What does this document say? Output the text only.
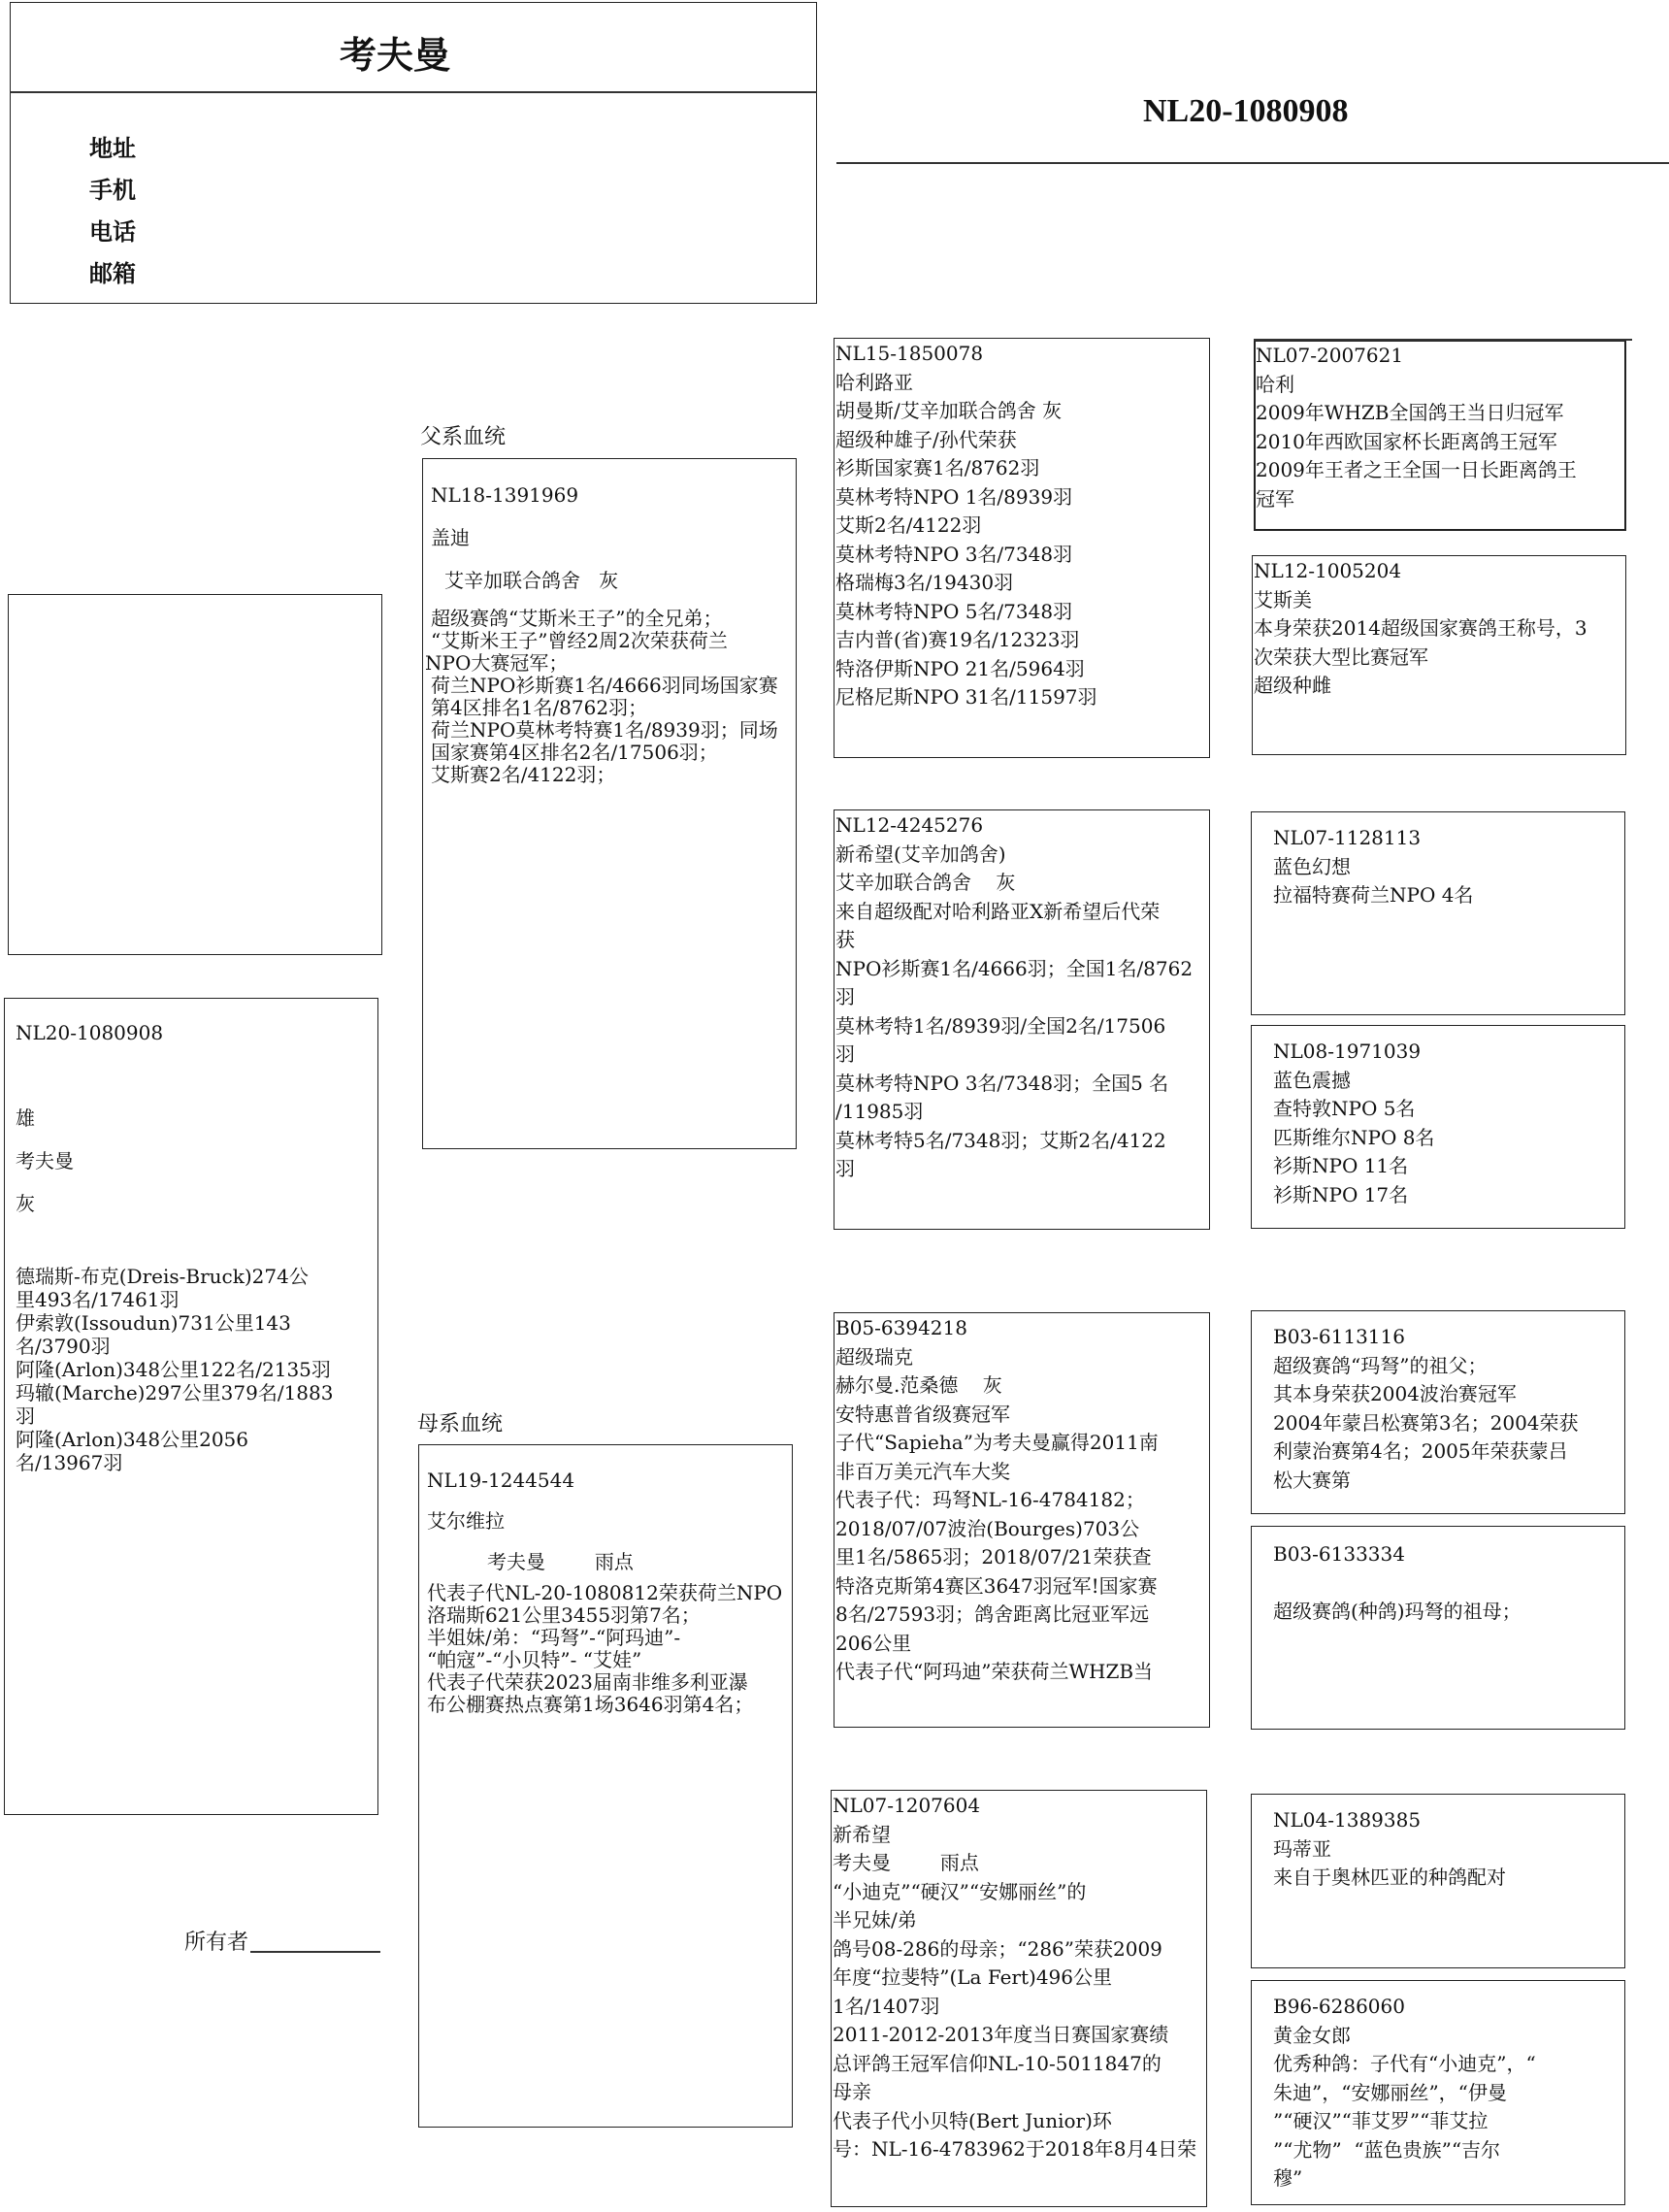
考夫曼
地址
手机
电话
邮箱
NL20-1080908
NL20-1080908

雄
考夫曼
灰
德瑞斯-布克(Dreis-Bruck)274公
里493名/17461羽
伊索敦(Issoudun)731公里143
名/3790羽
阿隆(Arlon)348公里122名/2135羽
玛辙(Marche)297公里379名/1883
羽
阿隆(Arlon)348公里2056
名/13967羽
所有者
父系血统
NL18-1391969
盖迪
艾辛加联合鸽舍   灰
超级赛鸽“艾斯米王子”的全兄弟；
“艾斯米王子”曾经2周2次荣获荷兰
NPO大赛冠军；
荷兰NPO衫斯赛1名/4666羽同场国家赛
第4区排名1名/8762羽；
荷兰NPO莫林考特赛1名/8939羽；同场
国家赛第4区排名2名/17506羽；
艾斯赛2名/4122羽；
母系血统
NL19-1244544
艾尔维拉
考夫曼        雨点
代表子代NL-20-1080812荣获荷兰NPO
洛瑞斯621公里3455羽第7名；
半姐妹/弟：“玛弩”-“阿玛迪”-
“帕寇”-“小贝特”- “艾娃”
代表子代荣获2023届南非维多利亚瀑
布公棚赛热点赛第1场3646羽第4名；
NL15-1850078
哈利路亚
胡曼斯/艾辛加联合鸽舍 灰
超级种雄子/孙代荣获
衫斯国家赛1名/8762羽
莫林考特NPO 1名/8939羽
艾斯2名/4122羽
莫林考特NPO 3名/7348羽
格瑞梅3名/19430羽
莫林考特NPO 5名/7348羽
吉内普(省)赛19名/12323羽
特洛伊斯NPO 21名/5964羽
尼格尼斯NPO 31名/11597羽
NL12-4245276
新希望(艾辛加鸽舍)
艾辛加联合鸽舍    灰
来自超级配对哈利路亚X新希望后代荣
获
NPO衫斯赛1名/4666羽；全国1名/8762
羽
莫林考特1名/8939羽/全国2名/17506
羽
莫林考特NPO 3名/7348羽；全国5 名
/11985羽
莫林考特5名/7348羽；艾斯2名/4122
羽
B05-6394218
超级瑞克
赫尔曼.范桑德    灰
安特惠普省级赛冠军
子代“Sapieha”为考夫曼赢得2011南
非百万美元汽车大奖
代表子代：玛弩NL-16-4784182；
2018/07/07波治(Bourges)703公
里1名/5865羽；2018/07/21荣获查
特洛克斯第4赛区3647羽冠军!国家赛
8名/27593羽；鸽舍距离比冠亚军远
206公里
代表子代“阿玛迪”荣获荷兰WHZB当
NL07-1207604
新希望
考夫曼        雨点
“小迪克”“硬汉”“安娜丽丝”的
半兄妹/弟
鸽号08-286的母亲；“286”荣获2009
年度“拉斐特”(La Fert)496公里
1名/1407羽
2011-2012-2013年度当日赛国家赛绩
总评鸽王冠军信仰NL-10-5011847的
母亲
代表子代小贝特(Bert Junior)环
号：NL-16-4783962于2018年8月4日荣
NL07-2007621
哈利
2009年WHZB全国鸽王当日归冠军
2010年西欧国家杯长距离鸽王冠军
2009年王者之王全国一日长距离鸽王
冠军
NL12-1005204
艾斯美
本身荣获2014超级国家赛鸽王称号，3
次荣获大型比赛冠军
超级种雌
NL07-1128113
蓝色幻想
拉福特赛荷兰NPO 4名
NL08-1971039
蓝色震撼
查特敦NPO 5名
匹斯维尔NPO 8名
衫斯NPO 11名
衫斯NPO 17名
B03-6113116
超级赛鸽“玛弩”的祖父；
其本身荣获2004波治赛冠军
2004年蒙吕松赛第3名；2004荣获
利蒙治赛第4名；2005年荣获蒙吕
松大赛第
B03-6133334

超级赛鸽(种鸽)玛弩的祖母；
NL04-1389385
玛蒂亚
来自于奥林匹亚的种鸽配对
B96-6286060
黄金女郎
优秀种鸽：子代有“小迪克”，“
朱迪”，“安娜丽丝”，“伊曼
”“硬汉”“菲艾罗”“菲艾拉
”“尤物”  “蓝色贵族”“吉尔
穆”
